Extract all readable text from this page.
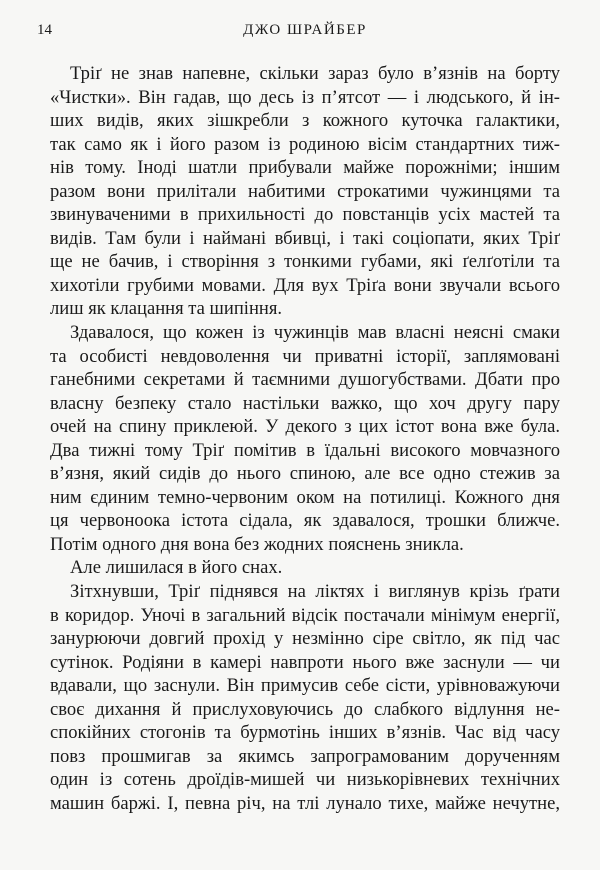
14	ДЖО ШРАЙБЕР
Тріґ не знав напевне, скільки зараз було в’язнів на борту
«Чистки». Він гадав, що десь із п’ятсот — і людського, й ін-
ших видів, яких зішкребли з кожного куточка галактики,
так само як і його разом із родиною вісім стандартних тиж-
нів тому. Іноді шатли прибували майже порожніми; іншим
разом вони прилітали набитими строкатими чужинцями та
звинуваченими в прихильності до повстанців усіх мастей та
видів. Там були і наймані вбивці, і такі соціопати, яких Тріґ
ще не бачив, і створіння з тонкими губами, які ґелґотіли та
хихотіли грубими мовами. Для вух Тріґа вони звучали всього
лиш як клацання та шипіння.
Здавалося, що кожен із чужинців мав власні неясні смаки
та особисті невдоволення чи приватні історії, заплямовані
ганебними секретами й таємними душогубствами. Дбати про
власну безпеку стало настільки важко, що хоч другу пару
очей на спину приклеюй. У декого з цих істот вона вже була.
Два тижні тому Тріґ помітив в їдальні високого мовчазного
в’язня, який сидів до нього спиною, але все одно стежив за
ним єдиним темно-червоним оком на потилиці. Кожного дня
ця червоноока істота сідала, як здавалося, трошки ближче.
Потім одного дня вона без жодних пояснень зникла.
Але лишилася в його снах.
Зітхнувши, Тріґ піднявся на ліктях і виглянув крізь ґрати
в коридор. Уночі в загальний відсік постачали мінімум енергії,
занурюючи довгий прохід у незмінно сіре світло, як під час
сутінок. Родіяни в камері навпроти нього вже заснули — чи
вдавали, що заснули. Він примусив себе сісти, урівноважуючи
своє дихання й прислуховуючись до слабкого відлуння не-
спокійних стогонів та бурмотінь інших в’язнів. Час від часу
повз прошмигав за якимсь запрограмованим дорученням
один із сотень дроїдів-мишей чи низькорівневих технічних
машин баржі. І, певна річ, на тлі лунало тихе, майже нечутне,
